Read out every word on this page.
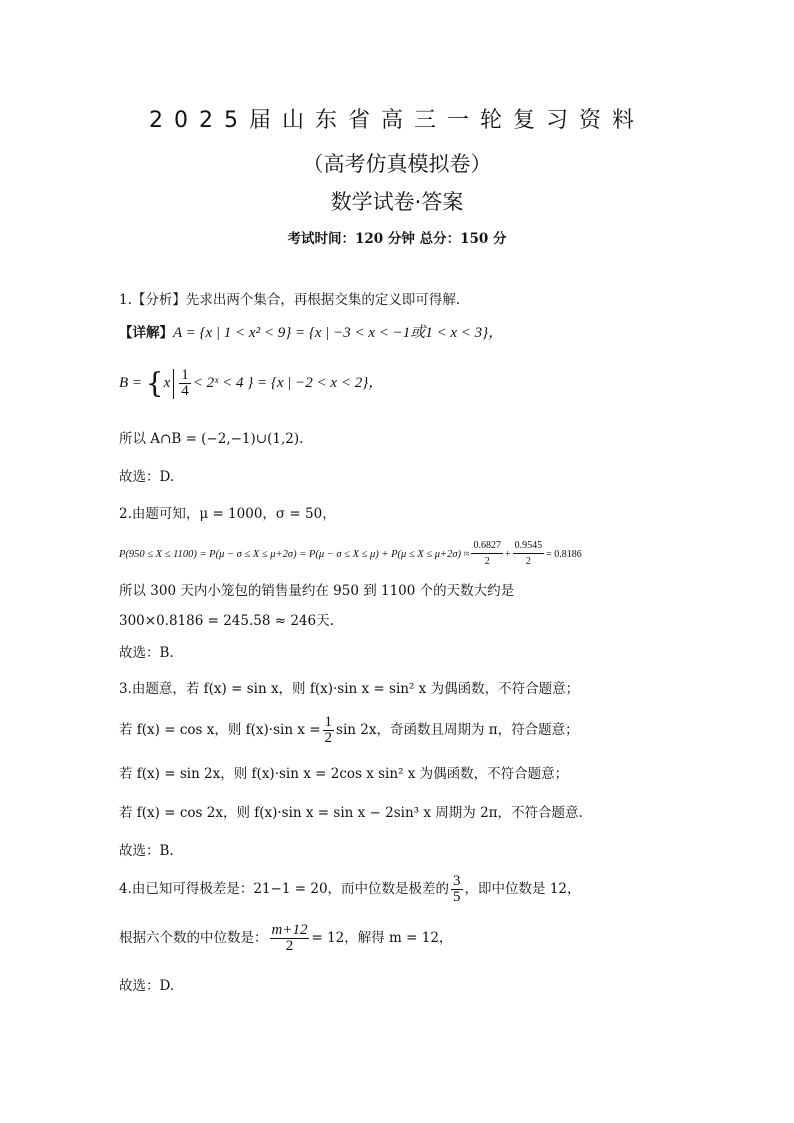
2025届山东省高三一轮复习资料
（高考仿真模拟卷）
数学试卷·答案
考试时间：120 分钟 总分：150 分
1.【分析】先求出两个集合，再根据交集的定义即可得解.
【详解】A = {x | 1 < x² < 9} = {x | −3 < x < −1或1 < x < 3}，
$B = \{x \frac{1}{4}$ < 2ˣ < 4 } = {x | −2 < x < 2}，
所以 A∩B = (−2,−1)∪(1,2).
故选：D.
2.由题可知，μ = 1000，σ = 50，
$P(950 \le X \le 1100) = P(\mu - \sigma \le X \le \mu+2\sigma) = P(\mu - \sigma \le X \le \mu) + P(\mu \le X \le \mu+2\sigma) \approx \frac{0.6827}{2} + \frac{0.9545}{2} = 0.8186$
所以 300 天内小笼包的销售量约在 950 到 1100 个的天数大约是
300×0.8186 = 245.58 ≈ 246天.
故选：B.
3.由题意，若 f(x) = sin x，则 f(x)·sin x = sin² x 为偶函数，不符合题意；
若 f(x) = cos x，则 f(x)·sin $x = \frac{1}{2}$ sin 2x，奇函数且周期为 π，符合题意；
若 f(x) = sin 2x，则 f(x)·sin x = 2cos x sin² x 为偶函数，不符合题意；
若 f(x) = cos 2x，则 f(x)·sin x = sin x − 2sin³ x 周期为 2π，不符合题意.
故选：B.
4.由已知可得极差是：21−1 = 20，而中位数是极差的 $\frac{3}{5}$ ，即中位数是 12，
根据六个数的中位数是： $\frac{m+12}{2} = 12$，解得 m = 12，
故选：D.
